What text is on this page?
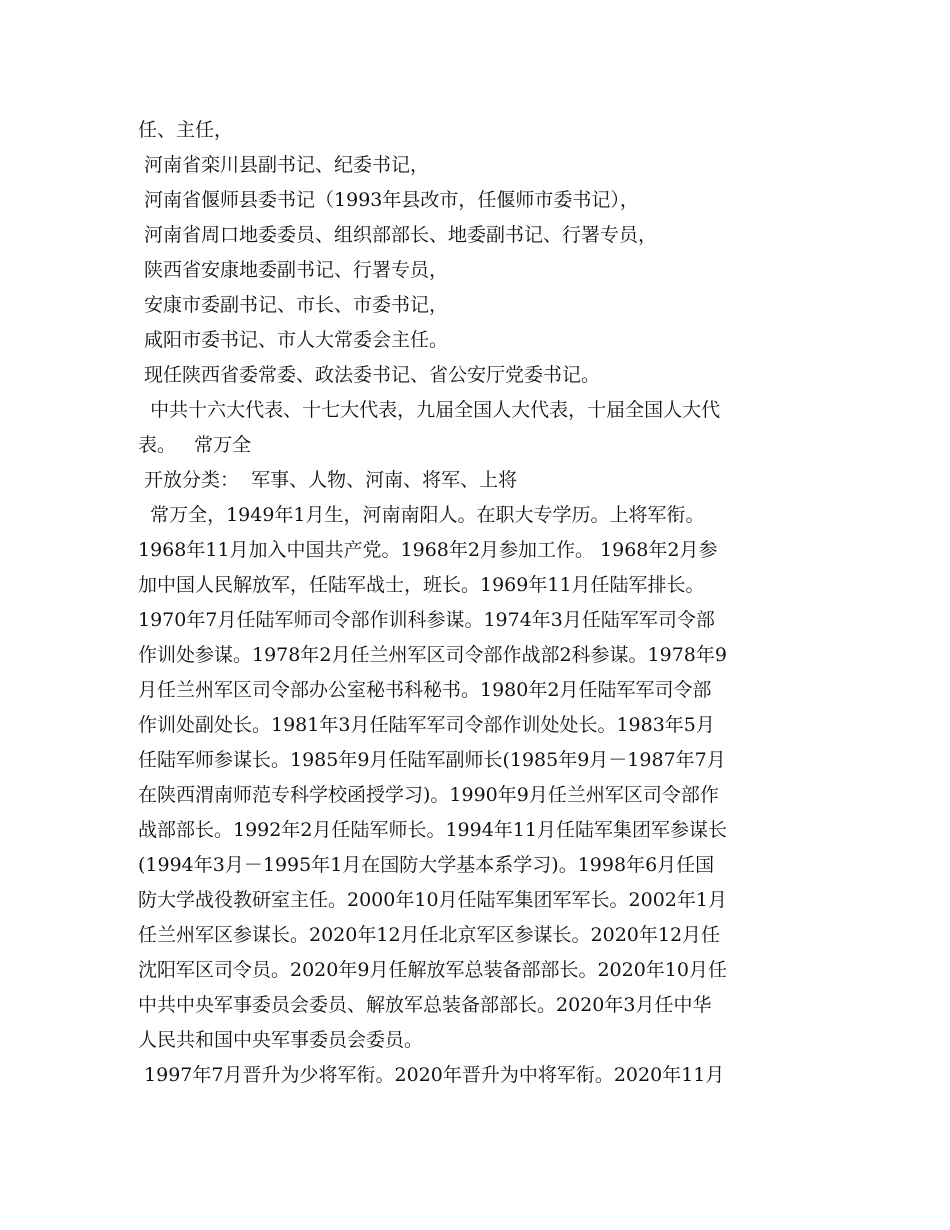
任、主任，
河南省栾川县副书记、纪委书记，
河南省偃师县委书记（1993年县改市，任偃师市委书记），
河南省周口地委委员、组织部部长、地委副书记、行署专员，
陕西省安康地委副书记、行署专员，
安康市委副书记、市长、市委书记，
咸阳市委书记、市人大常委会主任。
现任陕西省委常委、政法委书记、省公安厅党委书记。
中共十六大代表、十七大代表，九届全国人大代表，十届全国人大代
表。   常万全
开放分类：  军事、人物、河南、将军、上将
常万全，1949年1月生，河南南阳人。在职大专学历。上将军衔。
1968年11月加入中国共产党。1968年2月参加工作。 1968年2月参
加中国人民解放军，任陆军战士，班长。1969年11月任陆军排长。
1970年7月任陆军师司令部作训科参谋。1974年3月任陆军军司令部
作训处参谋。1978年2月任兰州军区司令部作战部2科参谋。1978年9
月任兰州军区司令部办公室秘书科秘书。1980年2月任陆军军司令部
作训处副处长。1981年3月任陆军军司令部作训处处长。1983年5月
任陆军师参谋长。1985年9月任陆军副师长(1985年9月－1987年7月
在陕西渭南师范专科学校函授学习)。1990年9月任兰州军区司令部作
战部部长。1992年2月任陆军师长。1994年11月任陆军集团军参谋长
(1994年3月－1995年1月在国防大学基本系学习)。1998年6月任国
防大学战役教研室主任。2000年10月任陆军集团军军长。2002年1月
任兰州军区参谋长。2020年12月任北京军区参谋长。2020年12月任
沈阳军区司令员。2020年9月任解放军总装备部部长。2020年10月任
中共中央军事委员会委员、解放军总装备部部长。2020年3月任中华
人民共和国中央军事委员会委员。
1997年7月晋升为少将军衔。2020年晋升为中将军衔。2020年11月
